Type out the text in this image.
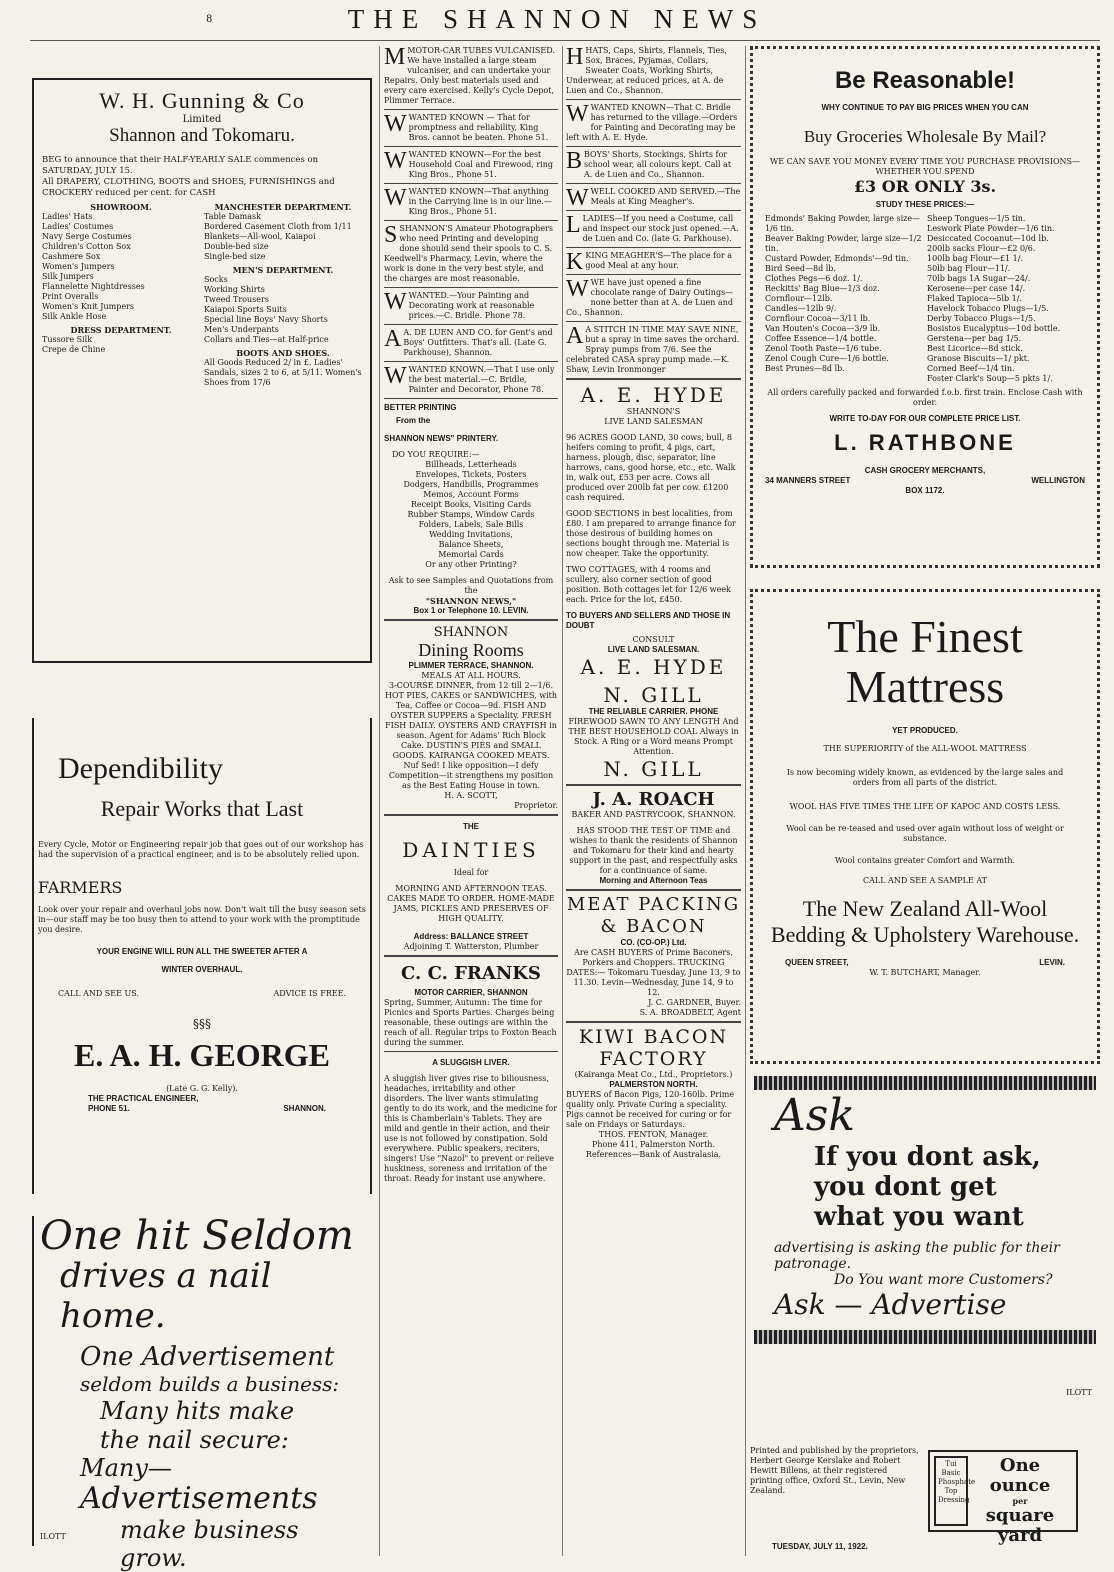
8	THE SHANNON NEWS
W. H. Gunning & Co
Limited
Shannon and Tokomaru.

BEG to announce that their HALF-YEARLY SALE commences on SATURDAY, JULY 15.

All DRAPERY, CLOTHING, BOOTS and SHOES, FURNISHINGS and CROCKERY reduced per cent. for CASH

SHOWROOM.
Ladies' Hats
Ladies' Costumes
Navy Serge Costumes
Children's Cotton Sox
Cashmere Sox
Women's Jumpers
Silk Jumpers
Flannelette Nightdresses
Print Overalls
Women's Knit Jumpers
Silk Ankle Hose
DRESS DEPARTMENT.
Tussore Silk
Crepe de Chine
MANCHESTER DEPARTMENT.
Table Damask
Bordered Casement Cloth from 1/11
Blankets—All-wool, Kaiapoi
Double-bed size
Single-bed size
MEN'S DEPARTMENT.
Socks
Working Shirts
Tweed Trousers
Kaiapoi Sports Suits
Special line Boys' Navy Shorts
Men's Underpants
Collars and Ties—at Half-price
BOOTS AND SHOES.

All Goods Reduced 2/ in £. Ladies' Sandals, sizes 2 to 6, at 5/11. Women's Shoes from 17/6

Dependibility
Repair Works that Last

Every Cycle, Motor or Engineering repair job that goes out of our workshop has had the supervision of a practical engineer, and is to be absolutely relied upon.

FARMERS

Look over your repair and overhaul jobs now. Don't wait till the busy season sets in—our staff may be too busy then to attend to your work with the promptitude you desire.

YOUR ENGINE WILL RUN ALL THE SWEETER AFTER A
WINTER OVERHAUL.
CALL AND SEE US.	ADVICE IS FREE.
§§§
E. A. H. GEORGE
(Late G. G. Kelly).
THE PRACTICAL ENGINEER,
PHONE 51.	SHANNON.
One hit Seldom
drives a nail home.
One Advertisement
seldom builds a business:
Many hits make
the nail secure:
Many—
Advertisements
make business grow.
ILOTT

MMOTOR-CAR TUBES VULCANISED. We have installed a large steam vulcaniser, and can undertake your Repairs. Only best materials used and every care exercised. Kelly's Cycle Depot, Plimmer Terrace.

WWANTED KNOWN — That for promptness and reliability, King Bros. cannot be beaten. Phone 51.

WWANTED KNOWN—For the best Household Coal and Firewood, ring King Bros., Phone 51.

WWANTED KNOWN—That anything in the Carrying line is in our line.—King Bros., Phone 51.

SSHANNON'S Amateur Photographers who need Printing and developing done should send their spools to C. S. Keedwell's Pharmacy, Levin, where the work is done in the very best style, and the charges are most reasonable.

WWANTED.—Your Painting and Decorating work at reasonable prices.—C. Bridle. Phone 78.

A A. DE LUEN AND CO. for Gent's and Boys' Outfitters. That's all. (Late G. Parkhouse), Shannon.

WWANTED KNOWN.—That I use only the best material.—C. Bridle, Painter and Decorator, Phone 78.

BETTER PRINTING
From the
SHANNON NEWS" PRINTERY.
DO YOU REQUIRE:—
Billheads, Letterheads
Envelopes, Tickets, Posters
Dodgers, Handbills, Programmes
Memos, Account Forms
Receipt Books, Visiting Cards
Rubber Stamps, Window Cards
Folders, Labels, Sale Bills
Wedding Invitations,
Balance Sheets,
Memorial Cards
Or any other Printing?
Ask to see Samples and Quotations from the
"SHANNON NEWS,"
Box 1 or Telephone 10. LEVIN.
SHANNON
Dining Rooms
PLIMMER TERRACE, SHANNON.
MEALS AT ALL HOURS.

3-COURSE DINNER, from 12 till 2—1/6. HOT PIES, CAKES or SANDWICHES, with Tea, Coffee or Cocoa—9d. FISH AND OYSTER SUPPERS a Speciality. FRESH FISH DAILY. OYSTERS AND CRAYFISH in season. Agent for Adams' Rich Block Cake. DUSTIN'S PIES and SMALL GOODS. KAIRANGA COOKED MEATS. Nuf Sed! I like opposition—I defy Competition—it strengthens my position as the Best Eating House in town.

H. A. SCOTT,
Proprietor.
THE
DAINTIES
Ideal for

MORNING AND AFTERNOON TEAS. CAKES MADE TO ORDER. HOME-MADE JAMS, PICKLES AND PRESERVES OF HIGH QUALITY.

Address: BALLANCE STREET
Adjoining T. Watterston, Plumber
C. C. FRANKS
MOTOR CARRIER, SHANNON

Spring, Summer, Autumn: The time for Picnics and Sports Parties. Charges being reasonable, these outings are within the reach of all. Regular trips to Foxton Beach during the summer.

A SLUGGISH LIVER.

A sluggish liver gives rise to biliousness, headaches, irritability and other disorders. The liver wants stimulating gently to do its work, and the medicine for this is Chamberlain's Tablets. They are mild and gentle in their action, and their use is not followed by constipation. Sold everywhere. Public speakers, reciters, singers! Use "Nazol" to prevent or relieve huskiness, soreness and irritation of the throat. Ready for instant use anywhere.

HHATS, Caps, Shirts, Flannels, Ties, Sox, Braces, Pyjamas, Collars, Sweater Coats, Working Shirts, Underwear, at reduced prices, at A. de Luen and Co., Shannon.

WWANTED KNOWN—That C. Bridle has returned to the village.—Orders for Painting and Decorating may be left with A. E. Hyde.

BBOYS' Shorts, Stockings, Shirts for school wear, all colours kept. Call at A. de Luen and Co., Shannon.

WWELL COOKED AND SERVED.—The Meals at King Meagher's.

LLADIES—If you need a Costume, call and inspect our stock just opened.—A. de Luen and Co. (late G. Parkhouse).

KKING MEAGHER'S—The place for a good Meal at any hour.

WWE have just opened a fine chocolate range of Dairy Outings—none better than at A. de Luen and Co., Shannon.

A A STITCH IN TIME MAY SAVE NINE, but a spray in time saves the orchard. Spray pumps from 7/6. See the celebrated CASA spray pump made.—K. Shaw, Levin Ironmonger

A. E. HYDE
SHANNON'S
LIVE LAND SALESMAN

96 ACRES GOOD LAND, 30 cows, bull, 8 heifers coming to profit, 4 pigs, cart, harness, plough, disc, separator, line harrows, cans, good horse, etc., etc. Walk in, walk out, £53 per acre. Cows all produced over 200lb fat per cow. £1200 cash required.

GOOD SECTIONS in best localities, from £80. I am prepared to arrange finance for those desirous of building homes on sections bought through me. Material is now cheaper. Take the opportunity.

TWO COTTAGES, with 4 rooms and scullery, also corner section of good position. Both cottages let for 12/6 week each. Price for the lot, £450.

TO BUYERS AND SELLERS AND THOSE IN DOUBT
CONSULT
LIVE LAND SALESMAN.
A. E. HYDE
N. GILL
THE RELIABLE CARRIER. PHONE

FIREWOOD SAWN TO ANY LENGTH And THE BEST HOUSEHOLD COAL Always in Stock. A Ring or a Word means Prompt Attention.

N. GILL
J. A. ROACH
BAKER AND PASTRYCOOK, SHANNON.

HAS STOOD THE TEST OF TIME and wishes to thank the residents of Shannon and Tokomaru for their kind and hearty support in the past, and respectfully asks for a continuance of same.

Morning and Afternoon Teas
MEAT PACKING & BACON
CO. (CO-OP.) Ltd.

Are CASH BUYERS of Prime Baconers, Porkers and Choppers. TRUCKING DATES:— Tokomaru Tuesday, June 13, 9 to 11.30. Levin—Wednesday, June 14, 9 to 12.

J. C. GARDNER, Buyer.
S. A. BROADBELT, Agent
KIWI BACON FACTORY
(Kairanga Meat Co., Ltd., Proprietors.)
PALMERSTON NORTH.

BUYERS of Bacon Pigs, 120-160lb. Prime quality only. Private Curing a speciality. Pigs cannot be received for curing or for sale on Fridays or Saturdays.

THOS. FENTON, Manager.
Phone 411, Palmerston North.
References—Bank of Australasia.
Be Reasonable!
WHY CONTINUE TO PAY BIG PRICES WHEN YOU CAN
Buy Groceries Wholesale By Mail?
WE CAN SAVE YOU MONEY EVERY TIME YOU PURCHASE PROVISIONS—WHETHER YOU SPEND
£3 OR ONLY 3s.
STUDY THESE PRICES:—
Edmonds' Baking Powder, large size—1/6 tin.
Beaver Baking Powder, large size—1/2 tin.
Custard Powder, Edmonds'—9d tin.
Bird Seed—8d lb.
Clothes Pegs—6 doz. 1/.
Reckitts' Bag Blue—1/3 doz.
Cornflour—12lb.
Candles—12lb 9/.
Cornflour Cocoa—3/11 lb.
Van Houten's Cocoa—3/9 lb.
Coffee Essence—1/4 bottle.
Zenol Tooth Paste—1/6 tube.
Zenol Cough Cure—1/6 bottle.
Best Prunes—8d lb.
Sheep Tongues—1/5 tin.
Leswork Plate Powder—1/6 tin.
Desiccated Cocoanut—10d lb.
200lb sacks Flour—£2 0/6.
100lb bag Flour—£1 1/.
50lb bag Flour—11/.
70lb bags 1A Sugar—24/.
Kerosene—per case 14/.
Flaked Tapioca—5lb 1/.
Havelock Tobacco Plugs—1/5.
Derby Tobacco Plugs—1/5.
Bosistos Eucalyptus—10d bottle.
Gerstena—per bag 1/5.
Best Licorice—8d stick.
Granose Biscuits—1/ pkt.
Corned Beef—1/4 tin.
Foster Clark's Soup—5 pkts 1/.
All orders carefully packed and forwarded f.o.b. first train. Enclose Cash with order.
WRITE TO-DAY FOR OUR COMPLETE PRICE LIST.
L. RATHBONE
CASH GROCERY MERCHANTS,
34 MANNERS STREET	WELLINGTON
BOX 1172.
The Finest
Mattress
YET PRODUCED.
THE SUPERIORITY of the ALL-WOOL MATTRESS

Is now becoming widely known, as evidenced by the large sales and orders from all parts of the district.

WOOL HAS FIVE TIMES THE LIFE OF KAPOC AND COSTS LESS.

Wool can be re-teased and used over again without loss of weight or substance.

Wool contains greater Comfort and Warmth.

CALL AND SEE A SAMPLE AT
The New Zealand All-Wool Bedding & Upholstery Warehouse.
QUEEN STREET,	LEVIN.
W. T. BUTCHART, Manager.
Ask
If you dont ask,
you dont get
what you want
advertising is asking the public for their patronage.
Do You want more Customers?
Ask — Advertise
ILOTT

Printed and published by the proprietors, Herbert George Kerslake and Robert Hewitt Billens, at their registered printing office, Oxford St., Levin, New Zealand.

TUESDAY, JULY 11, 1922.
Tui Basic Phosphate Top Dressing
One ounce
per
square yard
